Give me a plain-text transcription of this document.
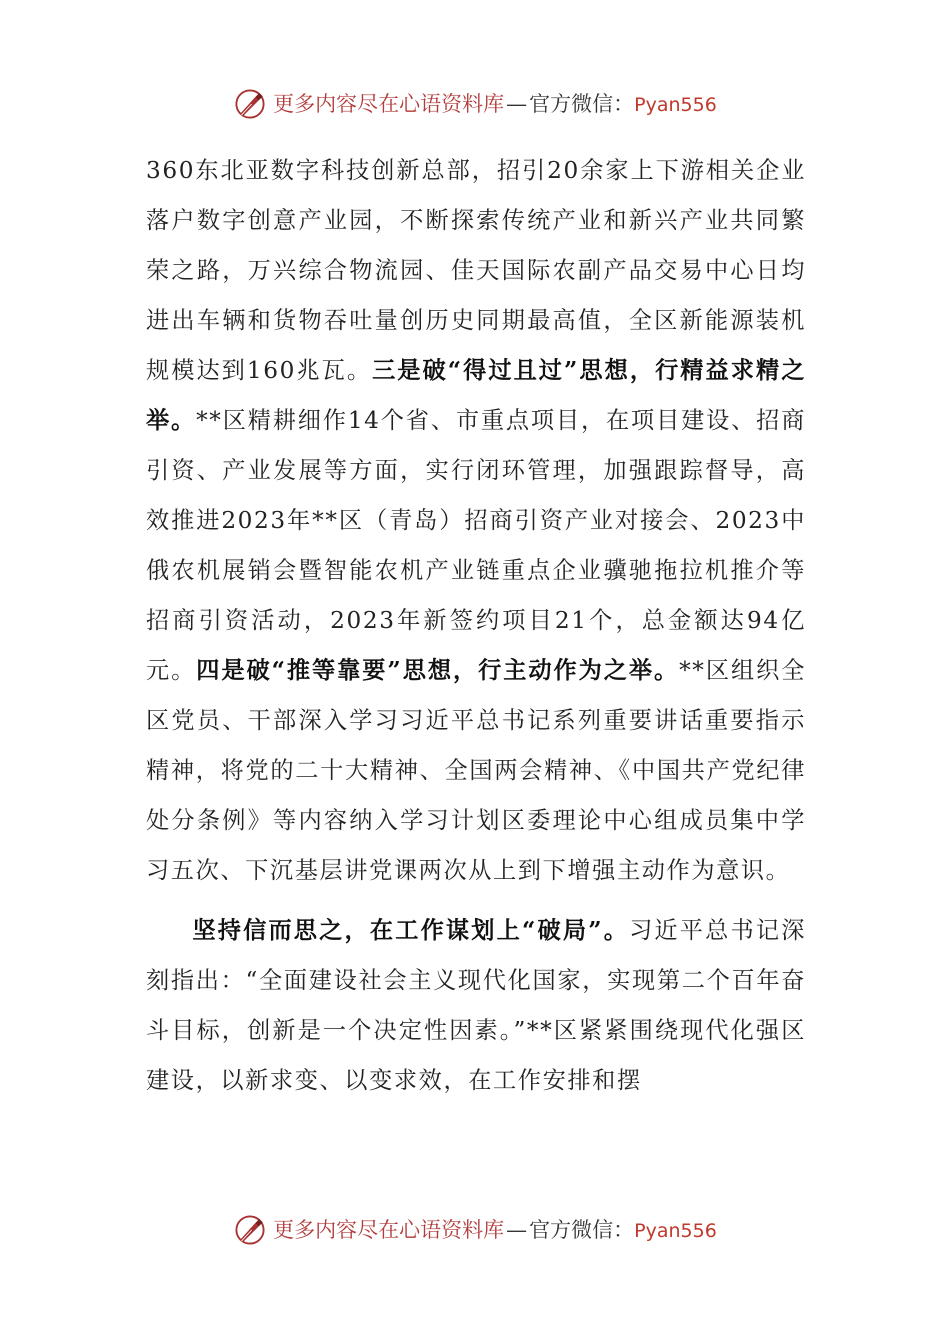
更多内容尽在心语资料库—官方微信：Pyan556

360东北亚数字科技创新总部，招引20余家上下游相关企业落户数字创意产业园，不断探索传统产业和新兴产业共同繁荣之路，万兴综合物流园、佳天国际农副产品交易中心日均进出车辆和货物吞吐量创历史同期最高值，全区新能源装机规模达到160兆瓦。三是破“得过且过”思想，行精益求精之举。**区精耕细作14个省、市重点项目，在项目建设、招商引资、产业发展等方面，实行闭环管理，加强跟踪督导，高效推进2023年**区（青岛）招商引资产业对接会、2023中俄农机展销会暨智能农机产业链重点企业骥驰拖拉机推介等招商引资活动，2023年新签约项目21个，总金额达94亿元。四是破“推等靠要”思想，行主动作为之举。**区组织全区党员、干部深入学习习近平总书记系列重要讲话重要指示精神，将党的二十大精神、全国两会精神、《中国共产党纪律处分条例》等内容纳入学习计划区委理论中心组成员集中学习五次、下沉基层讲党课两次从上到下增强主动作为意识。

坚持信而思之，在工作谋划上“破局”。习近平总书记深刻指出：“全面建设社会主义现代化国家，实现第二个百年奋斗目标，创新是一个决定性因素。”**区紧紧围绕现代化强区建设，以新求变、以变求效，在工作安排和摆

更多内容尽在心语资料库—官方微信：Pyan556
